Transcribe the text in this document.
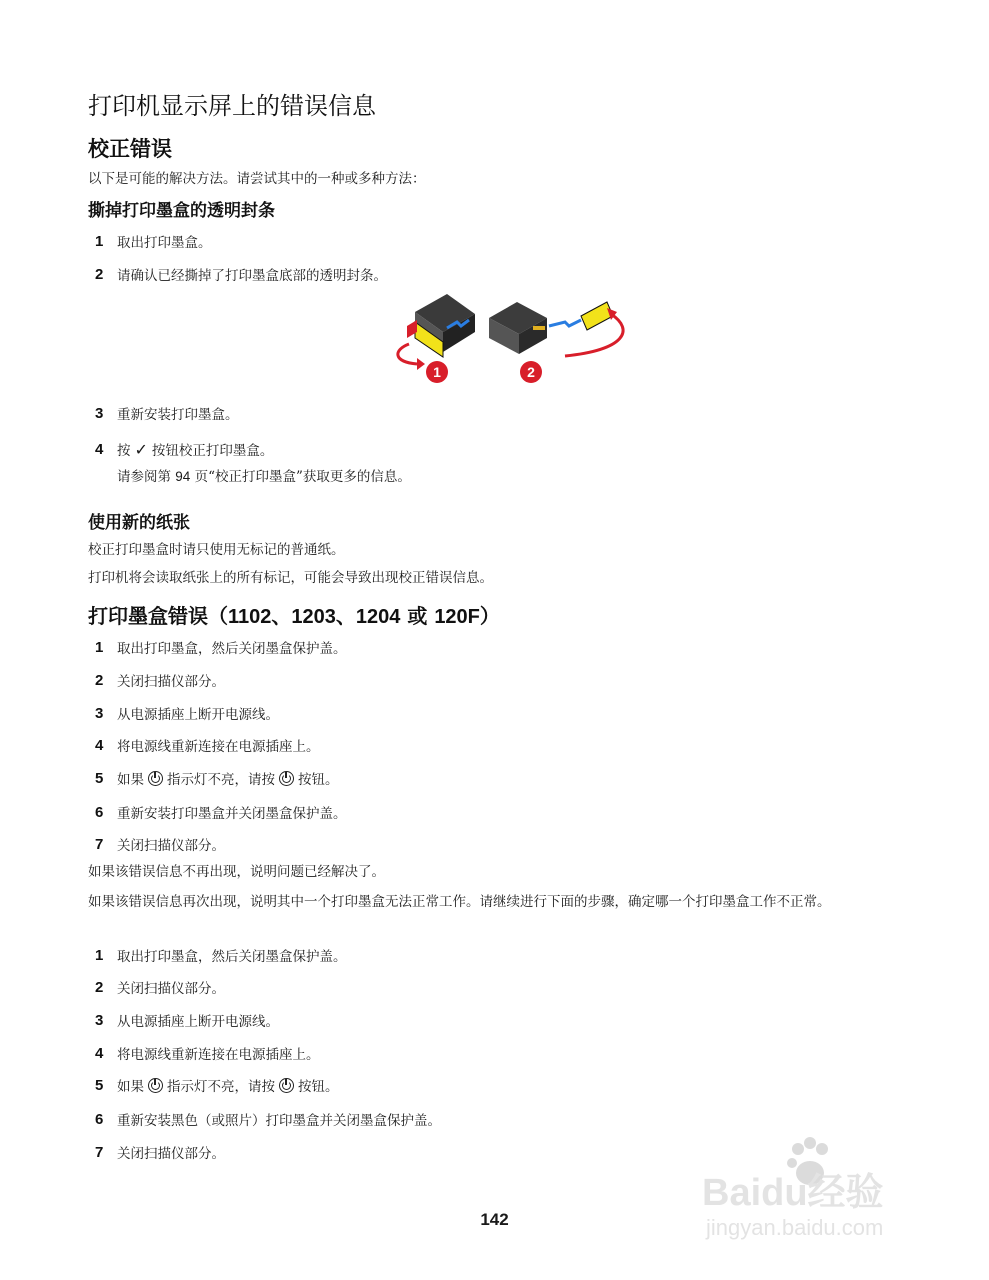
打印机显示屏上的错误信息
校正错误
以下是可能的解决方法。请尝试其中的一种或多种方法：
撕掉打印墨盒的透明封条
1	取出打印墨盒。
2	请确认已经撕掉了打印墨盒底部的透明封条。
1	2
3	重新安装打印墨盒。
4	按 ✓ 按钮校正打印墨盒。
请参阅第 94 页“校正打印墨盒”获取更多的信息。
使用新的纸张
校正打印墨盒时请只使用无标记的普通纸。
打印机将会读取纸张上的所有标记，可能会导致出现校正错误信息。
打印墨盒错误（1102、1203、1204 或 120F）
1	取出打印墨盒，然后关闭墨盒保护盖。
2	关闭扫描仪部分。
3	从电源插座上断开电源线。
4	将电源线重新连接在电源插座上。
5	如果 指示灯不亮，请按 按钮。
6	重新安装打印墨盒并关闭墨盒保护盖。
7	关闭扫描仪部分。
如果该错误信息不再出现，说明问题已经解决了。
如果该错误信息再次出现，说明其中一个打印墨盒无法正常工作。请继续进行下面的步骤，确定哪一个打印墨盒工作不正常。
1	取出打印墨盒，然后关闭墨盒保护盖。
2	关闭扫描仪部分。
3	从电源插座上断开电源线。
4	将电源线重新连接在电源插座上。
5	如果 指示灯不亮，请按 按钮。
6	重新安装黑色（或照片）打印墨盒并关闭墨盒保护盖。
7	关闭扫描仪部分。
142
Baidu经验
jingyan.baidu.com
